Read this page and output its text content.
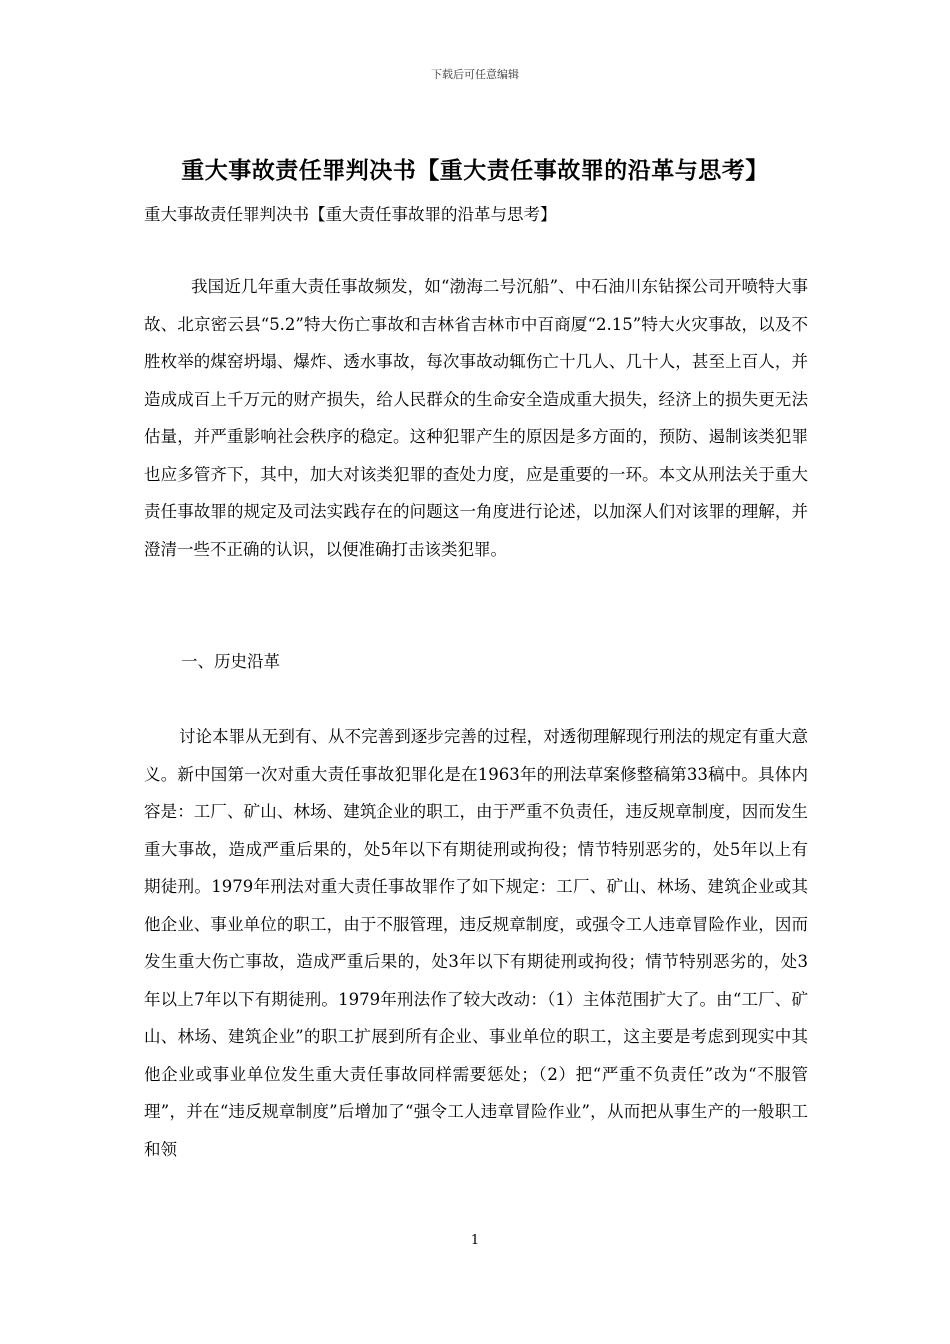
下载后可任意编辑
重大事故责任罪判决书【重大责任事故罪的沿革与思考】
重大事故责任罪判决书【重大责任事故罪的沿革与思考】

我国近几年重大责任事故频发，如“渤海二号沉船”、中石油川东钻探公司开喷特大事故、北京密云县“5.2”特大伤亡事故和吉林省吉林市中百商厦“2.15”特大火灾事故，以及不胜枚举的煤窑坍塌、爆炸、透水事故，每次事故动辄伤亡十几人、几十人，甚至上百人，并造成成百上千万元的财产损失，给人民群众的生命安全造成重大损失，经济上的损失更无法估量，并严重影响社会秩序的稳定。这种犯罪产生的原因是多方面的，预防、遏制该类犯罪也应多管齐下，其中，加大对该类犯罪的查处力度，应是重要的一环。本文从刑法关于重大责任事故罪的规定及司法实践存在的问题这一角度进行论述，以加深人们对该罪的理解，并澄清一些不正确的认识，以便准确打击该类犯罪。

一、历史沿革

讨论本罪从无到有、从不完善到逐步完善的过程，对透彻理解现行刑法的规定有重大意义。新中国第一次对重大责任事故犯罪化是在1963年的刑法草案修整稿第33稿中。具体内容是：工厂、矿山、林场、建筑企业的职工，由于严重不负责任，违反规章制度，因而发生重大事故，造成严重后果的，处5年以下有期徒刑或拘役；情节特别恶劣的，处5年以上有期徒刑。1979年刑法对重大责任事故罪作了如下规定：工厂、矿山、林场、建筑企业或其他企业、事业单位的职工，由于不服管理，违反规章制度，或强令工人违章冒险作业，因而发生重大伤亡事故，造成严重后果的，处3年以下有期徒刑或拘役；情节特别恶劣的，处3年以上7年以下有期徒刑。1979年刑法作了较大改动：（1）主体范围扩大了。由“工厂、矿山、林场、建筑企业”的职工扩展到所有企业、事业单位的职工，这主要是考虑到现实中其他企业或事业单位发生重大责任事故同样需要惩处；（2）把“严重不负责任”改为“不服管理”，并在“违反规章制度”后增加了“强令工人违章冒险作业”，从而把从事生产的一般职工和领

1
